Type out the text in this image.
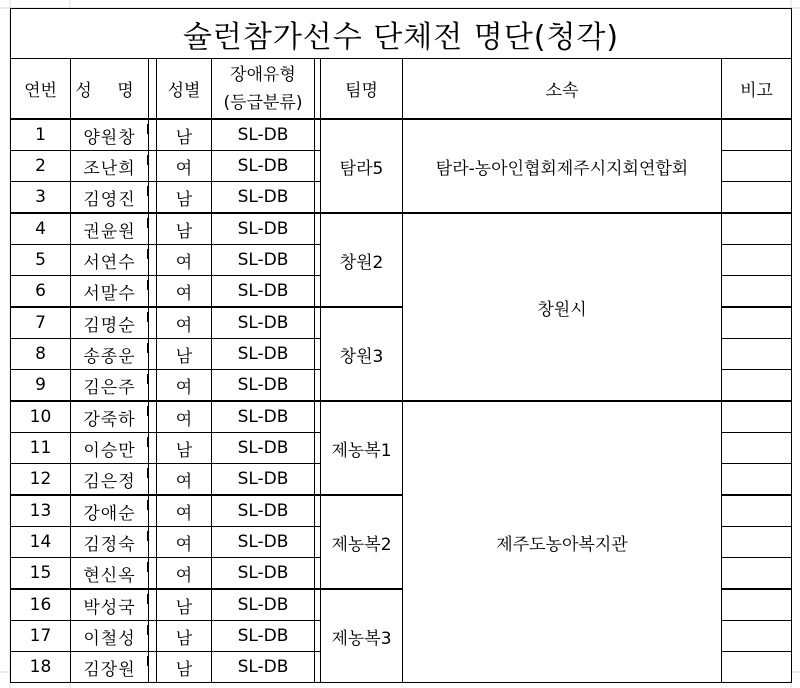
슐런참가선수 단체전 명단(청각)								
연번	성 명		성별	장애유형
(등급분류)		팀명	소속	비고
1	양원창		남	SL-DB		탐라5	탐라-농아인협회제주시지회연합회	
2	조난희		여	SL-DB				
3	김영진		남	SL-DB				
4	권윤원		남	SL-DB		창원2	창원시	
5	서연수		여	SL-DB				
6	서말수		여	SL-DB				
7	김명순		여	SL-DB		창원3		
8	송종운		남	SL-DB				
9	김은주		여	SL-DB				
10	강죽하		여	SL-DB		제농복1	제주도농아복지관	
11	이승만		남	SL-DB				
12	김은정		여	SL-DB				
13	강애순		여	SL-DB		제농복2		
14	김정숙		여	SL-DB				
15	현신옥		여	SL-DB				
16	박성국		남	SL-DB		제농복3		
17	이철성		남	SL-DB				
18	김장원		남	SL-DB				
